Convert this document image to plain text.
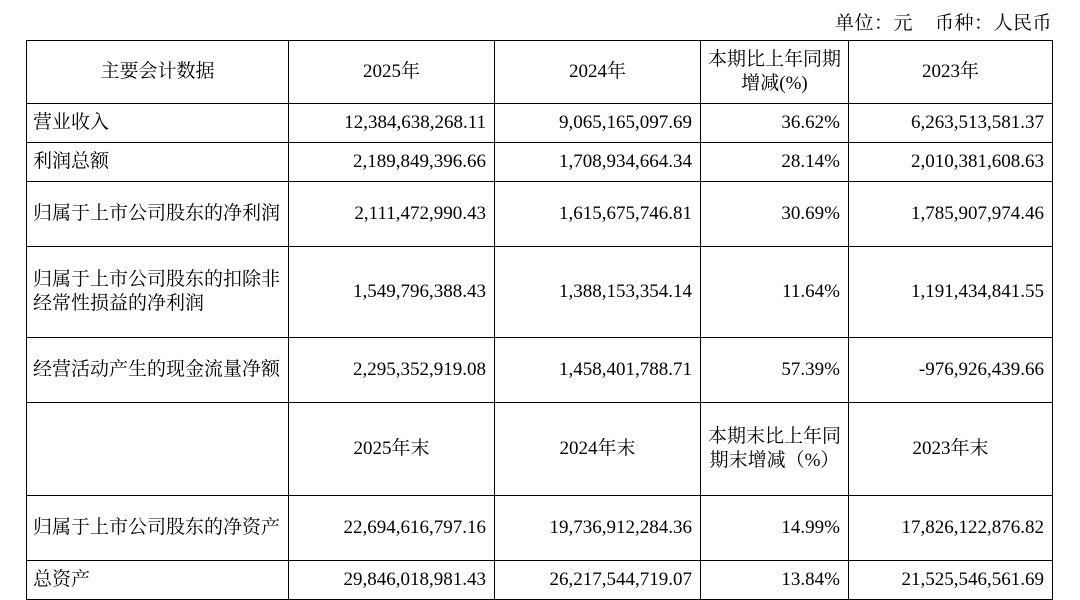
单位：元 币种：人民币
主要会计数据	2025年	2024年	本期比上年同期增减(%)	2023年
营业收入	12,384,638,268.11	9,065,165,097.69	36.62%	6,263,513,581.37
利润总额	2,189,849,396.66	1,708,934,664.34	28.14%	2,010,381,608.63
归属于上市公司股东的净利润	2,111,472,990.43	1,615,675,746.81	30.69%	1,785,907,974.46
归属于上市公司股东的扣除非经常性损益的净利润	1,549,796,388.43	1,388,153,354.14	11.64%	1,191,434,841.55
经营活动产生的现金流量净额	2,295,352,919.08	1,458,401,788.71	57.39%	-976,926,439.66
	2025年末	2024年末	本期末比上年同期末增减（%）	2023年末
归属于上市公司股东的净资产	22,694,616,797.16	19,736,912,284.36	14.99%	17,826,122,876.82
总资产	29,846,018,981.43	26,217,544,719.07	13.84%	21,525,546,561.69
